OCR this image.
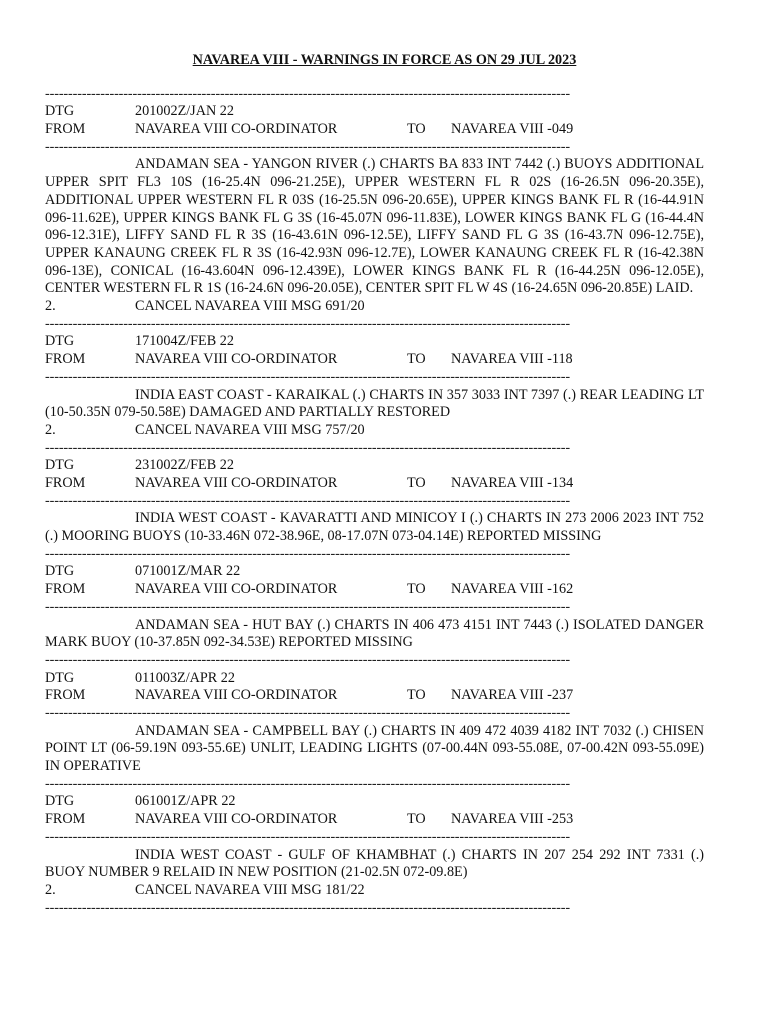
NAVAREA VIII - WARNINGS IN FORCE AS ON 29 JUL 2023
------------------------------------------------------------------------------------------------------------------
DTG	201002Z/JAN 22
FROM	NAVAREA VIII CO-ORDINATOR	TO	NAVAREA VIII -049
------------------------------------------------------------------------------------------------------------------

ANDAMAN SEA - YANGON RIVER (.) CHARTS BA 833 INT 7442 (.) BUOYS ADDITIONAL UPPER SPIT FL3 10S (16-25.4N 096-21.25E), UPPER WESTERN FL R 02S (16-26.5N 096-20.35E), ADDITIONAL UPPER WESTERN FL R 03S (16-25.5N 096-20.65E), UPPER KINGS BANK FL R (16-44.91N 096-11.62E), UPPER KINGS BANK FL G 3S (16-45.07N 096-11.83E), LOWER KINGS BANK FL G (16-44.4N 096-12.31E), LIFFY SAND FL R 3S (16-43.61N 096-12.5E), LIFFY SAND FL G 3S (16-43.7N 096-12.75E), UPPER KANAUNG CREEK FL R 3S (16-42.93N 096-12.7E), LOWER KANAUNG CREEK FL R (16-42.38N 096-13E), CONICAL (16-43.604N 096-12.439E), LOWER KINGS BANK FL R (16-44.25N 096-12.05E), CENTER WESTERN FL R 1S (16-24.6N 096-20.05E), CENTER SPIT FL W 4S (16-24.65N 096-20.85E) LAID.

2.	CANCEL NAVAREA VIII MSG 691/20
------------------------------------------------------------------------------------------------------------------
DTG	171004Z/FEB 22
FROM	NAVAREA VIII CO-ORDINATOR	TO	NAVAREA VIII -118
------------------------------------------------------------------------------------------------------------------

INDIA EAST COAST - KARAIKAL (.) CHARTS IN 357 3033 INT 7397 (.) REAR LEADING LT (10-50.35N 079-50.58E) DAMAGED AND PARTIALLY RESTORED

2.	CANCEL NAVAREA VIII MSG 757/20
------------------------------------------------------------------------------------------------------------------
DTG	231002Z/FEB 22
FROM	NAVAREA VIII CO-ORDINATOR	TO	NAVAREA VIII -134
------------------------------------------------------------------------------------------------------------------

INDIA WEST COAST - KAVARATTI AND MINICOY I (.) CHARTS IN 273 2006 2023 INT 752 (.) MOORING BUOYS (10-33.46N 072-38.96E, 08-17.07N 073-04.14E) REPORTED MISSING

------------------------------------------------------------------------------------------------------------------
DTG	071001Z/MAR 22
FROM	NAVAREA VIII CO-ORDINATOR	TO	NAVAREA VIII -162
------------------------------------------------------------------------------------------------------------------

ANDAMAN SEA - HUT BAY (.) CHARTS IN 406 473 4151 INT 7443 (.) ISOLATED DANGER MARK BUOY (10-37.85N 092-34.53E) REPORTED MISSING

------------------------------------------------------------------------------------------------------------------
DTG	011003Z/APR 22
FROM	NAVAREA VIII CO-ORDINATOR	TO	NAVAREA VIII -237
------------------------------------------------------------------------------------------------------------------

ANDAMAN SEA - CAMPBELL BAY (.) CHARTS IN 409 472 4039 4182 INT 7032 (.) CHISEN POINT LT (06-59.19N 093-55.6E) UNLIT, LEADING LIGHTS (07-00.44N 093-55.08E, 07-00.42N 093-55.09E) IN OPERATIVE

------------------------------------------------------------------------------------------------------------------
DTG	061001Z/APR 22
FROM	NAVAREA VIII CO-ORDINATOR	TO	NAVAREA VIII -253
------------------------------------------------------------------------------------------------------------------

INDIA WEST COAST - GULF OF KHAMBHAT (.) CHARTS IN 207 254 292 INT 7331 (.) BUOY NUMBER 9 RELAID IN NEW POSITION (21-02.5N 072-09.8E)

2.	CANCEL NAVAREA VIII MSG 181/22
------------------------------------------------------------------------------------------------------------------
